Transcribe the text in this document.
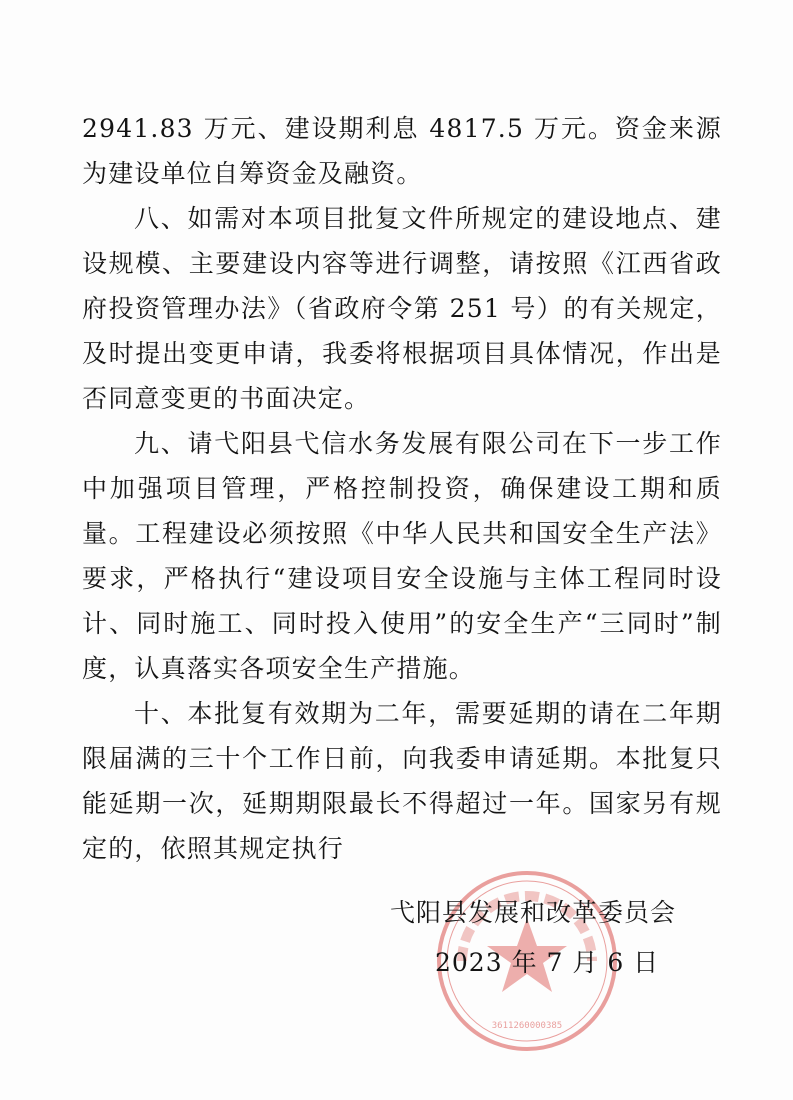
2941.83 万元、建设期利息 4817.5 万元。资金来源为建设单位自筹资金及融资。

八、如需对本项目批复文件所规定的建设地点、建设规模、主要建设内容等进行调整，请按照《江西省政府投资管理办法》（省政府令第 251 号）的有关规定，及时提出变更申请，我委将根据项目具体情况，作出是否同意变更的书面决定。

九、请弋阳县弋信水务发展有限公司在下一步工作中加强项目管理，严格控制投资，确保建设工期和质量。工程建设必须按照《中华人民共和国安全生产法》要求，严格执行“建设项目安全设施与主体工程同时设计、同时施工、同时投入使用”的安全生产“三同时”制度，认真落实各项安全生产措施。

十、本批复有效期为二年，需要延期的请在二年期限届满的三十个工作日前，向我委申请延期。本批复只能延期一次，延期期限最长不得超过一年。国家另有规定的，依照其规定执行

3611260000385
弋阳县发展和改革委员会
2023 年 7 月 6 日
